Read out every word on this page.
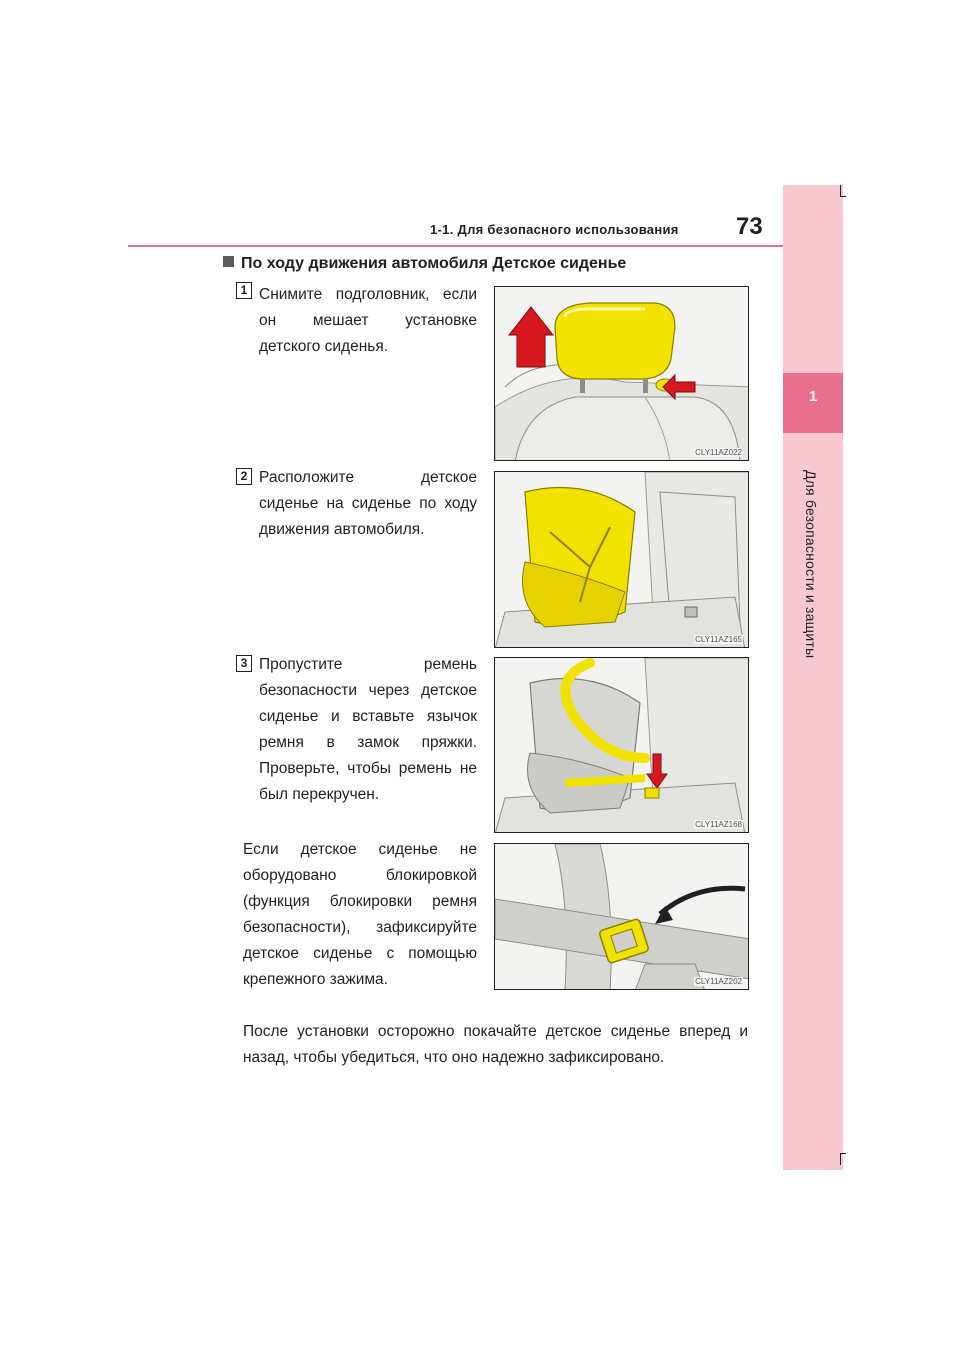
1
Для безопасности и защиты
1-1. Для безопасного использования 73
По ходу движения автомобиля Детское сиденье
1 Снимите подголовник, если он мешает установке детского сиденья.
CLY11AZ022
2 Расположите детское сиденье на сиденье по ходу движения автомобиля.
CLY11AZ165
3 Пропустите ремень безопасности через детское сиденье и вставьте язычок ремня в замок пряжки. Проверьте, чтобы ремень не был перекручен.
CLY11AZ168
Если детское сиденье не оборудовано блокировкой (функция блокировки ремня безопасности), зафиксируйте детское сиденье с помощью крепежного зажима.	CLY11AZ202
После установки осторожно покачайте детское сиденье вперед и назад, чтобы убедиться, что оно надежно зафиксировано.
